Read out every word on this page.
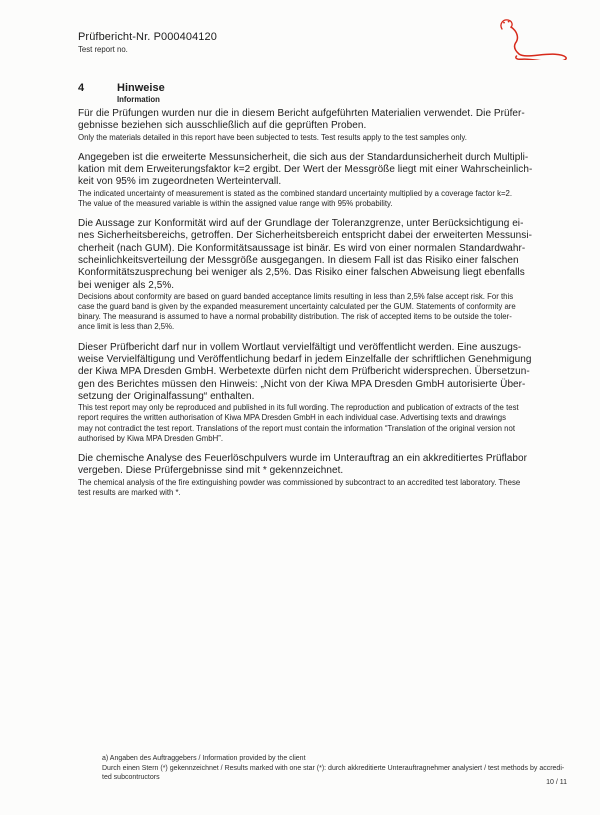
Prüfbericht-Nr. P000404120
Test report no.
4	Hinweise
Information
Für die Prüfungen wurden nur die in diesem Bericht aufgeführten Materialien verwendet. Die Prüfer-
gebnisse beziehen sich ausschließlich auf die geprüften Proben.
Only the materials detailed in this report have been subjected to tests. Test results apply to the test samples only.
Angegeben ist die erweiterte Messunsicherheit, die sich aus der Standardunsicherheit durch Multipli-
kation mit dem Erweiterungsfaktor k=2 ergibt. Der Wert der Messgröße liegt mit einer Wahrscheinlich-
keit von 95% im zugeordneten Werteintervall.
The indicated uncertainty of measurement is stated as the combined standard uncertainty multiplied by a coverage factor k=2.
The value of the measured variable is within the assigned value range with 95% probability.
Die Aussage zur Konformität wird auf der Grundlage der Toleranzgrenze, unter Berücksichtigung ei-
nes Sicherheitsbereichs, getroffen. Der Sicherheitsbereich entspricht dabei der erweiterten Messunsi-
cherheit (nach GUM). Die Konformitätsaussage ist binär. Es wird von einer normalen Standardwahr-
scheinlichkeitsverteilung der Messgröße ausgegangen. In diesem Fall ist das Risiko einer falschen
Konformitätszusprechung bei weniger als 2,5%. Das Risiko einer falschen Abweisung liegt ebenfalls
bei weniger als 2,5%.
Decisions about conformity are based on guard banded acceptance limits resulting in less than 2,5% false accept risk. For this
case the guard band is given by the expanded measurement uncertainty calculated per the GUM. Statements of conformity are
binary. The measurand is assumed to have a normal probability distribution. The risk of accepted items to be outside the toler-
ance limit is less than 2,5%.
Dieser Prüfbericht darf nur in vollem Wortlaut vervielfältigt und veröffentlicht werden. Eine auszugs-
weise Vervielfältigung und Veröffentlichung bedarf in jedem Einzelfalle der schriftlichen Genehmigung
der Kiwa MPA Dresden GmbH. Werbetexte dürfen nicht dem Prüfbericht widersprechen. Übersetzun-
gen des Berichtes müssen den Hinweis: „Nicht von der Kiwa MPA Dresden GmbH autorisierte Über-
setzung der Originalfassung“ enthalten.
This test report may only be reproduced and published in its full wording. The reproduction and publication of extracts of the test
report requires the written authorisation of Kiwa MPA Dresden GmbH in each individual case. Advertising texts and drawings
may not contradict the test report. Translations of the report must contain the information “Translation of the original version not
authorised by Kiwa MPA Dresden GmbH”.
Die chemische Analyse des Feuerlöschpulvers wurde im Unterauftrag an ein akkreditiertes Prüflabor
vergeben. Diese Prüfergebnisse sind mit * gekennzeichnet.
The chemical analysis of the fire extinguishing powder was commissioned by subcontract to an accredited test laboratory. These
test results are marked with *.
a) Angaben des Auftraggebers / Information provided by the client
Durch einen Stern (*) gekennzeichnet / Results marked with one star (*): durch akkreditierte Unterauftragnehmer analysiert / test methods by accredi-
ted subcontructors
10 / 11
